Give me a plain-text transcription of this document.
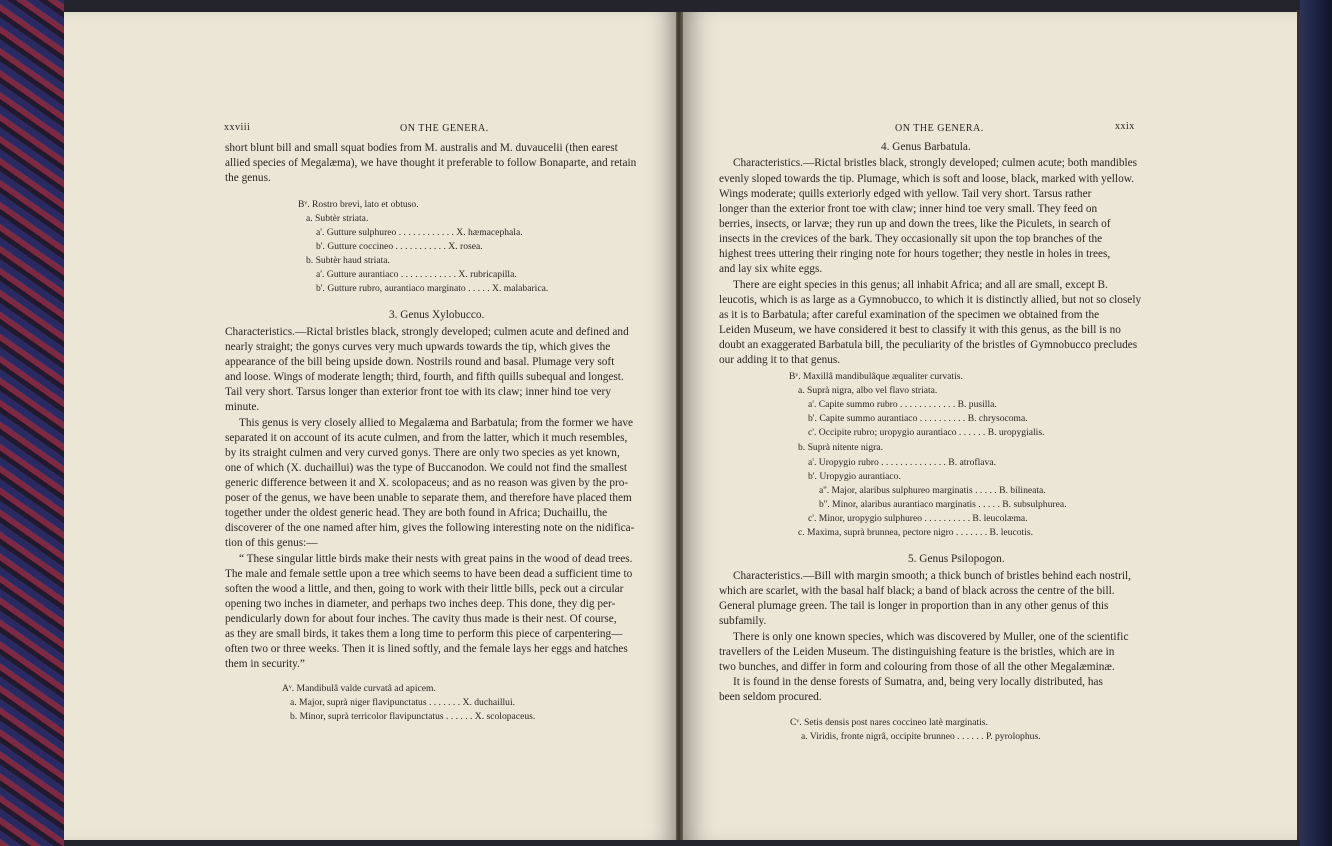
xxviii	ON THE GENERA.
short blunt bill and small squat bodies from M. australis and M. duvaucelii (then earest
allied species of Megalæma), we have thought it preferable to follow Bonaparte, and retain
the genus.
Bᵛ. Rostro brevi, lato et obtuso.
a. Subtèr striata.
a'. Gutture sulphureo . . . . . . . . . . . . X. hæmacephala.
b'. Gutture coccineo . . . . . . . . . . . X. rosea.
b. Subtèr haud striata.
a'. Gutture aurantiaco . . . . . . . . . . . . X. rubricapilla.
b'. Gutture rubro, aurantiaco marginato . . . . . X. malabarica.
3. Genus Xylobucco.
Characteristics.—Rictal bristles black, strongly developed; culmen acute and defined and
nearly straight; the gonys curves very much upwards towards the tip, which gives the
appearance of the bill being upside down. Nostrils round and basal. Plumage very soft
and loose. Wings of moderate length; third, fourth, and fifth quills subequal and longest.
Tail very short. Tarsus longer than exterior front toe with its claw; inner hind toe very
minute.
This genus is very closely allied to Megalæma and Barbatula; from the former we have
separated it on account of its acute culmen, and from the latter, which it much resembles,
by its straight culmen and very curved gonys. There are only two species as yet known,
one of which (X. duchaillui) was the type of Buccanodon. We could not find the smallest
generic difference between it and X. scolopaceus; and as no reason was given by the pro-
poser of the genus, we have been unable to separate them, and therefore have placed them
together under the oldest generic head. They are both found in Africa; Duchaillu, the
discoverer of the one named after him, gives the following interesting note on the nidifica-
tion of this genus:—
“ These singular little birds make their nests with great pains in the wood of dead trees.
The male and female settle upon a tree which seems to have been dead a sufficient time to
soften the wood a little, and then, going to work with their little bills, peck out a circular
opening two inches in diameter, and perhaps two inches deep. This done, they dig per-
pendicularly down for about four inches. The cavity thus made is their nest. Of course,
as they are small birds, it takes them a long time to perform this piece of carpentering—
often two or three weeks. Then it is lined softly, and the female lays her eggs and hatches
them in security.”
Aᵛ. Mandibulâ valde curvatâ ad apicem.
a. Major, suprà niger flavipunctatus . . . . . . . X. duchaillui.
b. Minor, suprà terricolor flavipunctatus . . . . . . X. scolopaceus.
ON THE GENERA.	xxix
4. Genus Barbatula.
Characteristics.—Rictal bristles black, strongly developed; culmen acute; both mandibles
evenly sloped towards the tip. Plumage, which is soft and loose, black, marked with yellow.
Wings moderate; quills exteriorly edged with yellow. Tail very short. Tarsus rather
longer than the exterior front toe with claw; inner hind toe very small. They feed on
berries, insects, or larvæ; they run up and down the trees, like the Piculets, in search of
insects in the crevices of the bark. They occasionally sit upon the top branches of the
highest trees uttering their ringing note for hours together; they nestle in holes in trees,
and lay six white eggs.
There are eight species in this genus; all inhabit Africa; and all are small, except B.
leucotis, which is as large as a Gymnobucco, to which it is distinctly allied, but not so closely
as it is to Barbatula; after careful examination of the specimen we obtained from the
Leiden Museum, we have considered it best to classify it with this genus, as the bill is no
doubt an exaggerated Barbatula bill, the peculiarity of the bristles of Gymnobucco precludes
our adding it to that genus.
Bᵛ. Maxillâ mandibulâque æqualiter curvatis.
a. Suprà nigra, albo vel flavo striata.
a'. Capite summo rubro . . . . . . . . . . . . B. pusilla.
b'. Capite summo aurantiaco . . . . . . . . . . B. chrysocoma.
c'. Occipite rubro; uropygio aurantiaco . . . . . . B. uropygialis.
b. Suprà nitente nigra.
a'. Uropygio rubro . . . . . . . . . . . . . . B. atroflava.
b'. Uropygio aurantiaco.
a''. Major, alaribus sulphureo marginatis . . . . . B. bilineata.
b''. Minor, alaribus aurantiaco marginatis . . . . . B. subsulphurea.
c'. Minor, uropygio sulphureo . . . . . . . . . . B. leucolæma.
c. Maxima, suprà brunnea, pectore nigro . . . . . . . B. leucotis.
5. Genus Psilopogon.
Characteristics.—Bill with margin smooth; a thick bunch of bristles behind each nostril,
which are scarlet, with the basal half black; a band of black across the centre of the bill.
General plumage green. The tail is longer in proportion than in any other genus of this
subfamily.
There is only one known species, which was discovered by Muller, one of the scientific
travellers of the Leiden Museum. The distinguishing feature is the bristles, which are in
two bunches, and differ in form and colouring from those of all the other Megalæminæ.
It is found in the dense forests of Sumatra, and, being very locally distributed, has
been seldom procured.
Cᵛ. Setis densis post nares coccineo latè marginatis.
a. Viridis, fronte nigrâ, occipite brunneo . . . . . . P. pyrolophus.
